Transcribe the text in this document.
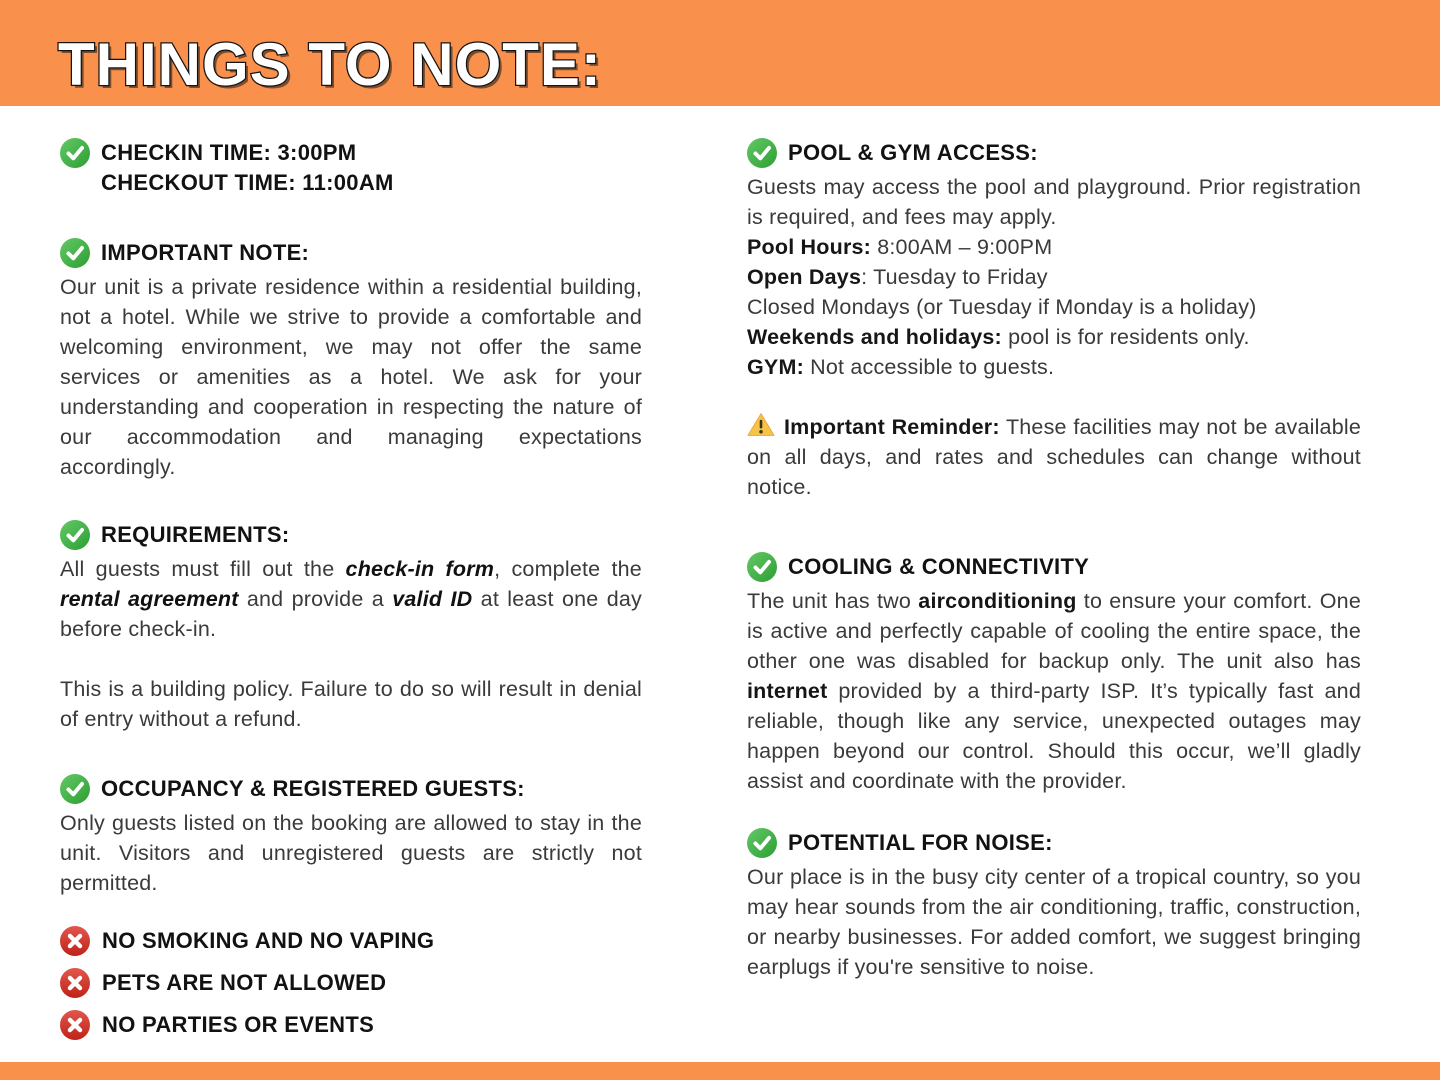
THINGS TO NOTE:
CHECKIN TIME: 3:00PM
CHECKOUT TIME: 11:00AM
IMPORTANT NOTE:

Our unit is a private residence within a residential building, not a hotel. While we strive to provide a comfortable and welcoming environment, we may not offer the same services or amenities as a hotel. We ask for your understanding and cooperation in respecting the nature of our accommodation and managing expectations accordingly.

REQUIREMENTS:

All guests must fill out the check-in form, complete the rental agreement and provide a valid ID at least one day before check-in.

This is a building policy. Failure to do so will result in denial of entry without a refund.

OCCUPANCY & REGISTERED GUESTS:

Only guests listed on the booking are allowed to stay in the unit. Visitors and unregistered guests are strictly not permitted.

NO SMOKING AND NO VAPING
PETS ARE NOT ALLOWED
NO PARTIES OR EVENTS
POOL & GYM ACCESS:

Guests may access the pool and playground. Prior registration is required, and fees may apply.

Pool Hours: 8:00AM – 9:00PM

Open Days: Tuesday to Friday

Closed Mondays (or Tuesday if Monday is a holiday)

Weekends and holidays: pool is for residents only.

GYM: Not accessible to guests.

Important Reminder: These facilities may not be available on all days, and rates and schedules can change without notice.

COOLING & CONNECTIVITY

The unit has two airconditioning to ensure your comfort. One is active and perfectly capable of cooling the entire space, the other one was disabled for backup only. The unit also has internet provided by a third-party ISP. It’s typically fast and reliable, though like any service, unexpected outages may happen beyond our control. Should this occur, we’ll gladly assist and coordinate with the provider.

POTENTIAL FOR NOISE:

Our place is in the busy city center of a tropical country, so you may hear sounds from the air conditioning, traffic, construction, or nearby businesses. For added comfort, we suggest bringing earplugs if you're sensitive to noise.
